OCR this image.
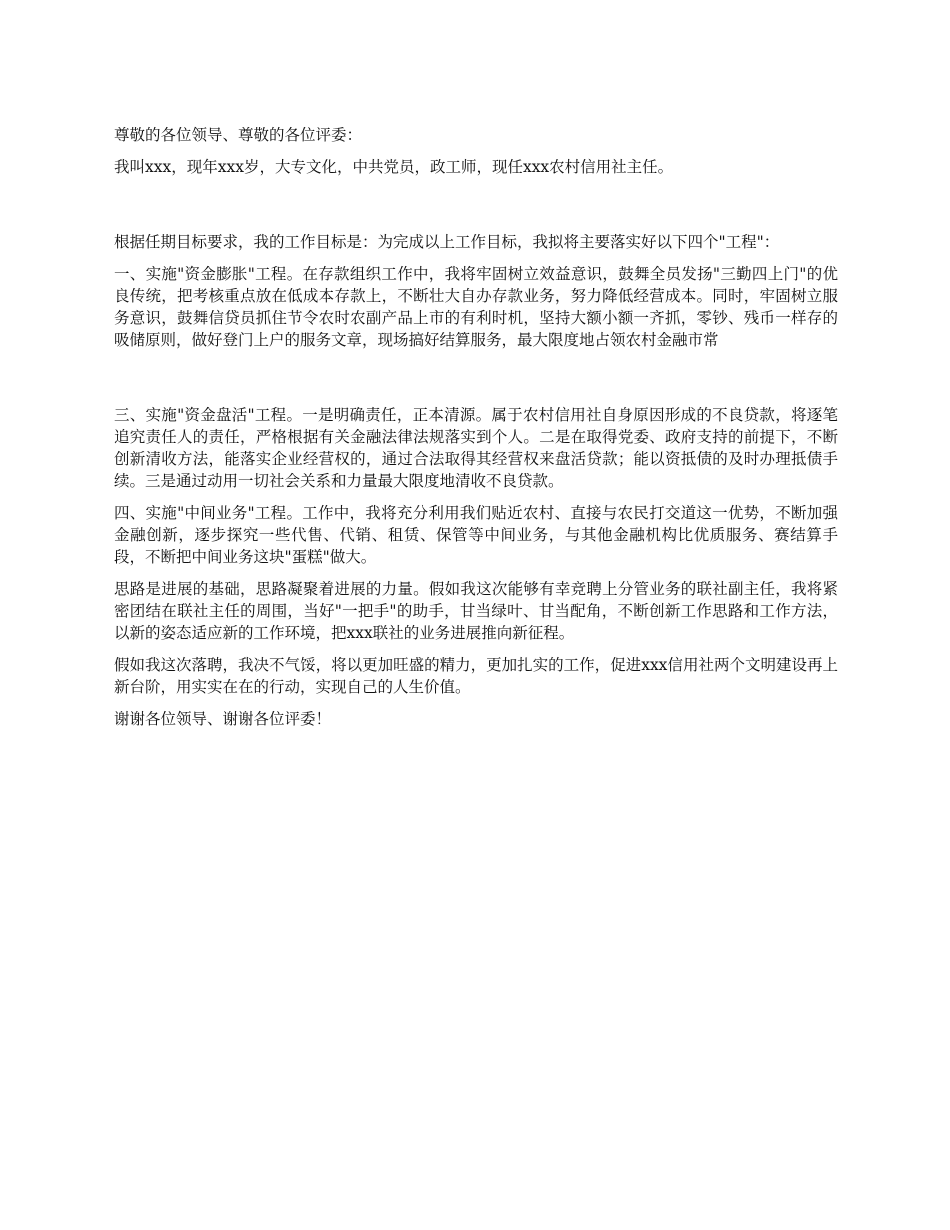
尊敬的各位领导、尊敬的各位评委：

我叫xxx，现年xxx岁，大专文化，中共党员，政工师，现任xxx农村信用社主任。

根据任期目标要求，我的工作目标是：为完成以上工作目标，我拟将主要落实好以下四个"工程"：

一、实施"资金膨胀"工程。在存款组织工作中，我将牢固树立效益意识，鼓舞全员发扬"三勤四上门"的优良传统，把考核重点放在低成本存款上，不断壮大自办存款业务，努力降低经营成本。同时，牢固树立服务意识，鼓舞信贷员抓住节令农时农副产品上市的有利时机，坚持大额小额一齐抓，零钞、残币一样存的吸储原则，做好登门上户的服务文章，现场搞好结算服务，最大限度地占领农村金融市常

三、实施"资金盘活"工程。一是明确责任，正本清源。属于农村信用社自身原因形成的不良贷款，将逐笔追究责任人的责任，严格根据有关金融法律法规落实到个人。二是在取得党委、政府支持的前提下，不断创新清收方法，能落实企业经营权的，通过合法取得其经营权来盘活贷款；能以资抵债的及时办理抵债手续。三是通过动用一切社会关系和力量最大限度地清收不良贷款。

四、实施"中间业务"工程。工作中，我将充分利用我们贴近农村、直接与农民打交道这一优势，不断加强金融创新，逐步探究一些代售、代销、租赁、保管等中间业务，与其他金融机构比优质服务、赛结算手段，不断把中间业务这块"蛋糕"做大。

思路是进展的基础，思路凝聚着进展的力量。假如我这次能够有幸竞聘上分管业务的联社副主任，我将紧密团结在联社主任的周围，当好"一把手"的助手，甘当绿叶、甘当配角，不断创新工作思路和工作方法，以新的姿态适应新的工作环境，把xxx联社的业务进展推向新征程。

假如我这次落聘，我决不气馁，将以更加旺盛的精力，更加扎实的工作，促进xxx信用社两个文明建设再上新台阶，用实实在在的行动，实现自己的人生价值。

谢谢各位领导、谢谢各位评委！
